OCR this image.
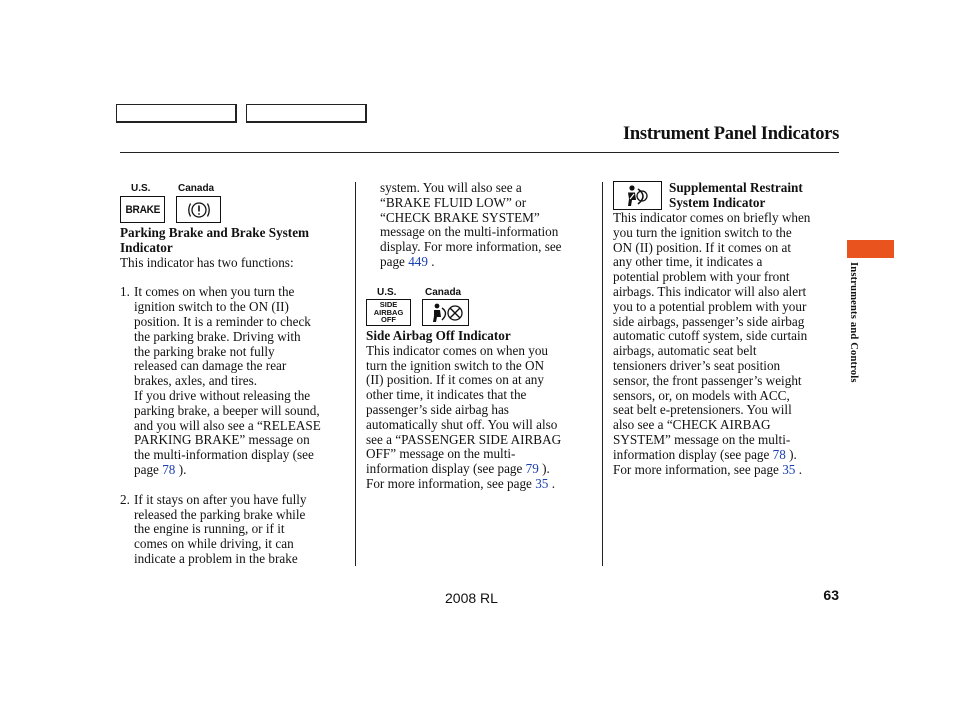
Instrument Panel Indicators
Instruments and Controls
U.S.	Canada
BRAKE
Parking Brake and Brake System
Indicator
This indicator has two functions:
1. It comes on when you turn the
ignition switch to the ON (II)
position. It is a reminder to check
the parking brake. Driving with
the parking brake not fully
released can damage the rear
brakes, axles, and tires.
If you drive without releasing the
parking brake, a beeper will sound,
and you will also see a “RELEASE
PARKING BRAKE” message on
the multi-information display (see
page 78 ).
2. If it stays on after you have fully
released the parking brake while
the engine is running, or if it
comes on while driving, it can
indicate a problem in the brake
system. You will also see a
“BRAKE FLUID LOW” or
“CHECK BRAKE SYSTEM”
message on the multi-information
display. For more information, see
page 449 .
U.S.	Canada
SIDE
AIRBAG
OFF
Side Airbag Off Indicator
This indicator comes on when you
turn the ignition switch to the ON
(II) position. If it comes on at any
other time, it indicates that the
passenger’s side airbag has
automatically shut off. You will also
see a “PASSENGER SIDE AIRBAG
OFF” message on the multi-
information display (see page 79 ).
For more information, see page 35 .
Supplemental Restraint
System Indicator
This indicator comes on briefly when
you turn the ignition switch to the
ON (II) position. If it comes on at
any other time, it indicates a
potential problem with your front
airbags. This indicator will also alert
you to a potential problem with your
side airbags, passenger’s side airbag
automatic cutoff system, side curtain
airbags, automatic seat belt
tensioners driver’s seat position
sensor, the front passenger’s weight
sensors, or, on models with ACC,
seat belt e-pretensioners. You will
also see a “CHECK AIRBAG
SYSTEM” message on the multi-
information display (see page 78 ).
For more information, see page 35 .
2008 RL	63
